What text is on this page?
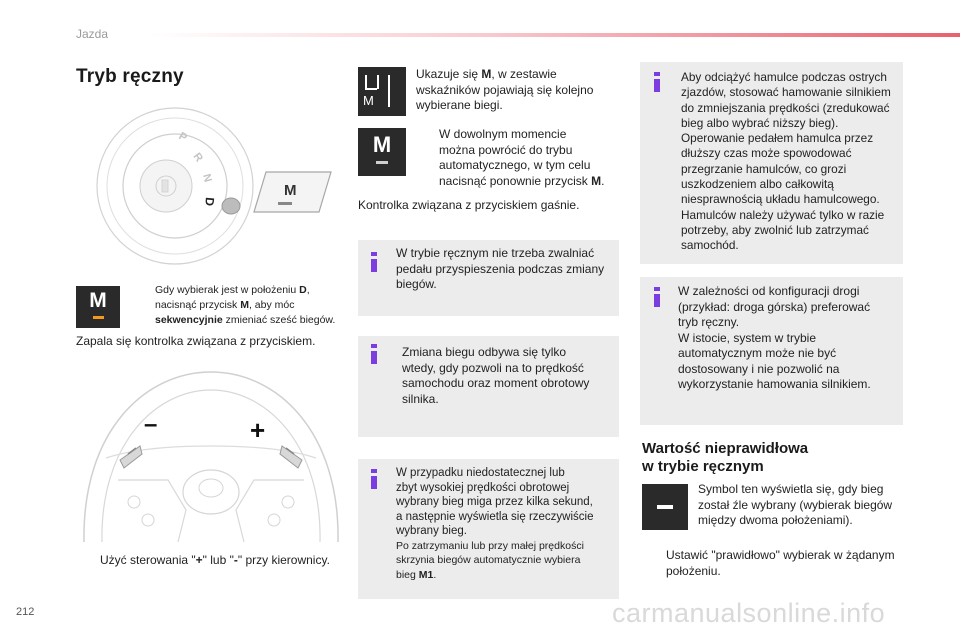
Jazda
Tryb ręczny
P
R
N
D
M
M	Gdy wybierak jest w położeniu D,
nacisnąć przycisk M, aby móc
sekwencyjnie zmieniać sześć biegów.
Zapala się kontrolka związana z przyciskiem.
–	+
Użyć sterowania "+" lub "-" przy kierownicy.
M
Ukazuje się M, w zestawie
wskaźników pojawiają się kolejno
wybierane biegi.
M	W dowolnym momencie
można powrócić do trybu
automatycznego, w tym celu
nacisnąć ponownie przycisk M.
Kontrolka związana z przyciskiem gaśnie.
W trybie ręcznym nie trzeba zwalniać
pedału przyspieszenia podczas zmiany
biegów.
Zmiana biegu odbywa się tylko
wtedy, gdy pozwoli na to prędkość
samochodu oraz moment obrotowy
silnika.
W przypadku niedostatecznej lub
zbyt wysokiej prędkości obrotowej
wybrany bieg miga przez kilka sekund,
a następnie wyświetla się rzeczywiście
wybrany bieg.
Po zatrzymaniu lub przy małej prędkości
skrzynia biegów automatycznie wybiera
bieg M1.
Aby odciążyć hamulce podczas ostrych
zjazdów, stosować hamowanie silnikiem
do zmniejszania prędkości (zredukować
bieg albo wybrać niższy bieg).
Operowanie pedałem hamulca przez
dłuższy czas może spowodować
przegrzanie hamulców, co grozi
uszkodzeniem albo całkowitą
niesprawnością układu hamulcowego.
Hamulców należy używać tylko w razie
potrzeby, aby zwolnić lub zatrzymać
samochód.
W zależności od konfiguracji drogi
(przykład: droga górska) preferować
tryb ręczny.
W istocie, system w trybie
automatycznym może nie być
dostosowany i nie pozwolić na
wykorzystanie hamowania silnikiem.
Wartość nieprawidłowa
w trybie ręcznym
Symbol ten wyświetla się, gdy bieg
został źle wybrany (wybierak biegów
między dwoma położeniami).
Ustawić "prawidłowo" wybierak w żądanym
położeniu.
212	carmanualsonline.info
